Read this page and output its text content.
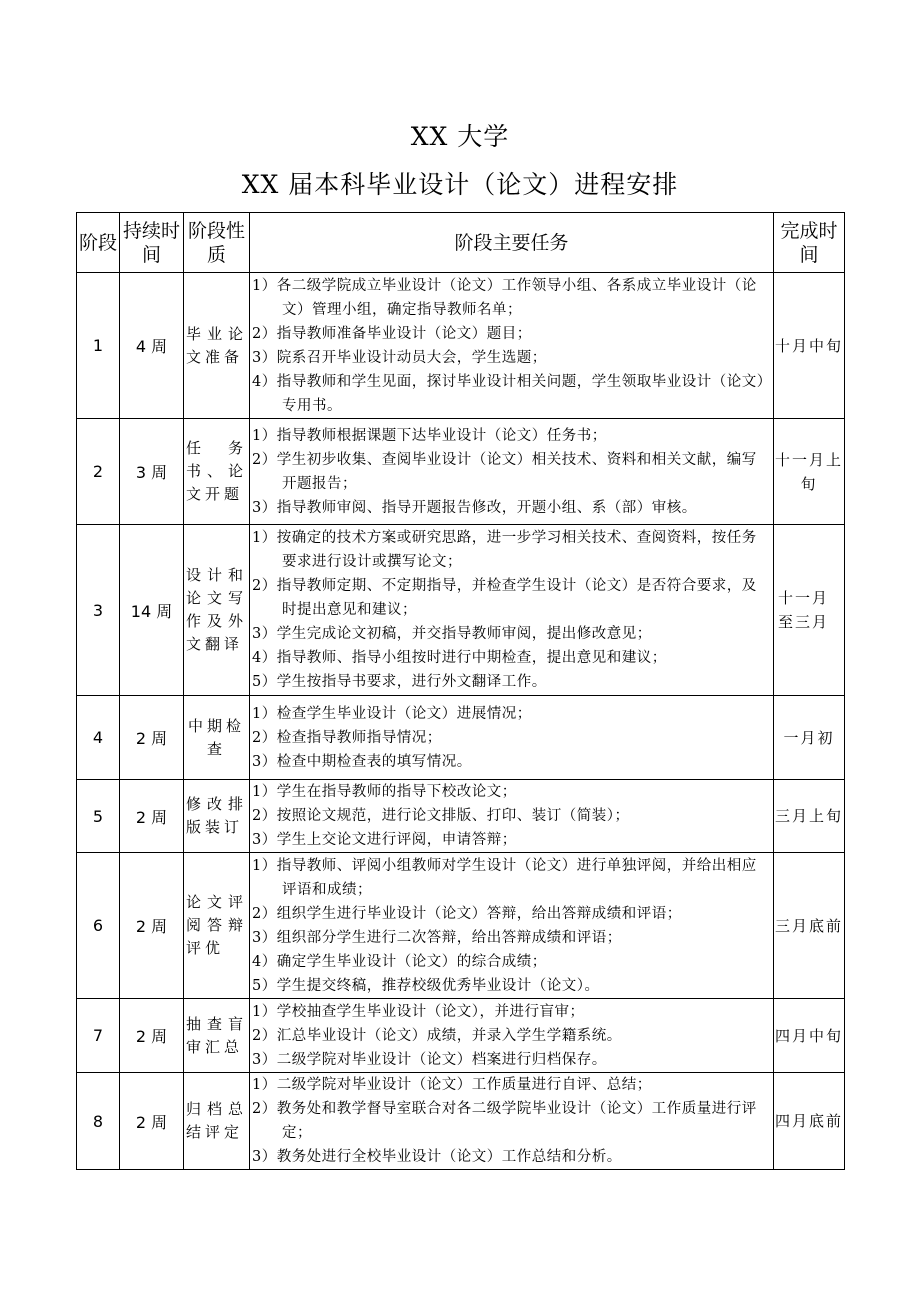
XX 大学
XX 届本科毕业设计（论文）进程安排
阶段	持续时间	阶段性质	阶段主要任务	完成时间
1	4 周	毕业论文准备	1）各二级学院成立毕业设计（论文）工作领导小组、各系成立毕业设计（论文）管理小组，确定指导教师名单；
2）指导教师准备毕业设计（论文）题目；
3）院系召开毕业设计动员大会，学生选题；
4）指导教师和学生见面，探讨毕业设计相关问题，学生领取毕业设计（论文）专用书。	十月中旬
2	3 周	任务书、论文开题	1）指导教师根据课题下达毕业设计（论文）任务书；
2）学生初步收集、查阅毕业设计（论文）相关技术、资料和相关文献，编写开题报告；
3）指导教师审阅、指导开题报告修改，开题小组、系（部）审核。	十一月上旬
3	14 周	设计和论文写作及外文翻译	1）按确定的技术方案或研究思路，进一步学习相关技术、查阅资料，按任务要求进行设计或撰写论文；
2）指导教师定期、不定期指导，并检查学生设计（论文）是否符合要求，及时提出意见和建议；
3）学生完成论文初稿，并交指导教师审阅，提出修改意见；
4）指导教师、指导小组按时进行中期检查，提出意见和建议；
5）学生按指导书要求，进行外文翻译工作。	十一月至三月
4	2 周	中期检查	1）检查学生毕业设计（论文）进展情况；
2）检查指导教师指导情况；
3）检查中期检查表的填写情况。	一月初
5	2 周	修改排版装订	1）学生在指导教师的指导下校改论文；
2）按照论文规范，进行论文排版、打印、装订（简装）；
3）学生上交论文进行评阅，申请答辩；	三月上旬
6	2 周	论文评阅答辩评优	1）指导教师、评阅小组教师对学生设计（论文）进行单独评阅，并给出相应评语和成绩；
2）组织学生进行毕业设计（论文）答辩，给出答辩成绩和评语；
3）组织部分学生进行二次答辩，给出答辩成绩和评语；
4）确定学生毕业设计（论文）的综合成绩；
5）学生提交终稿，推荐校级优秀毕业设计（论文）。	三月底前
7	2 周	抽查盲审汇总	1）学校抽查学生毕业设计（论文），并进行盲审；
2）汇总毕业设计（论文）成绩，并录入学生学籍系统。
3）二级学院对毕业设计（论文）档案进行归档保存。	四月中旬
8	2 周	归档总结评定	1）二级学院对毕业设计（论文）工作质量进行自评、总结；
2）教务处和教学督导室联合对各二级学院毕业设计（论文）工作质量进行评定；
3）教务处进行全校毕业设计（论文）工作总结和分析。	四月底前
